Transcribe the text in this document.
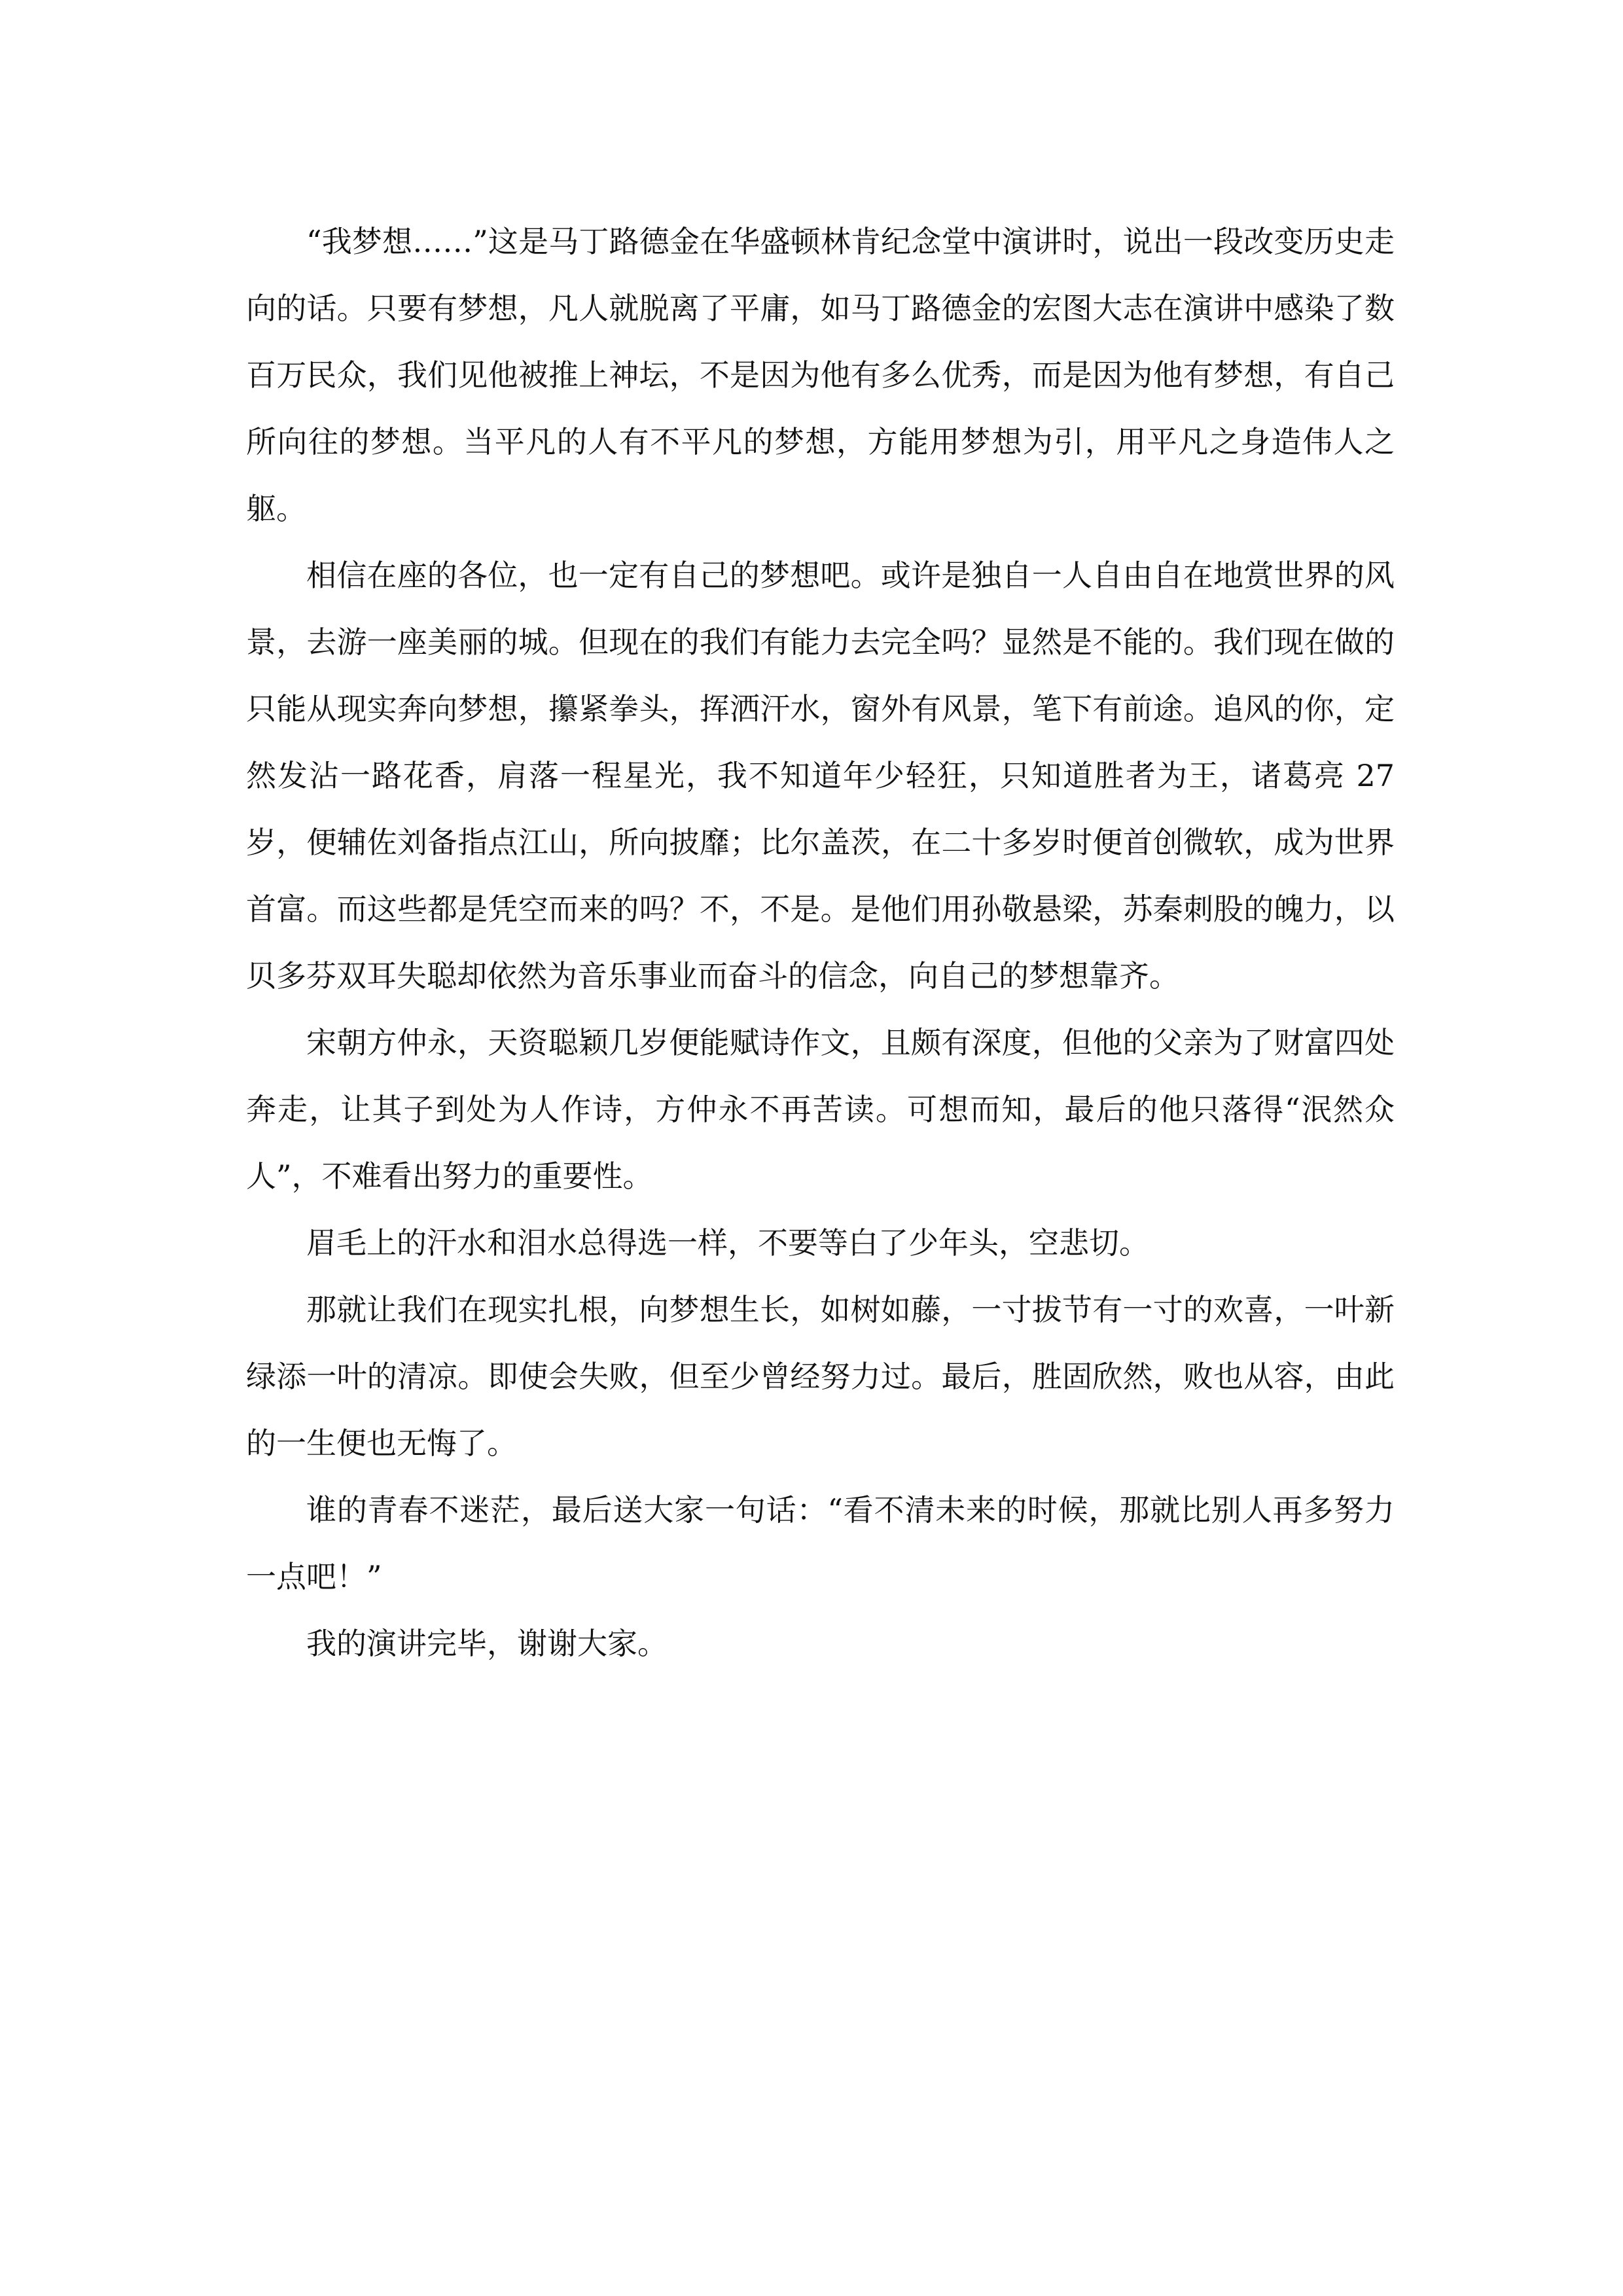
“我梦想……”这是马丁路德金在华盛顿林肯纪念堂中演讲时，说出一段改变历史走向的话。只要有梦想，凡人就脱离了平庸，如马丁路德金的宏图大志在演讲中感染了数百万民众，我们见他被推上神坛，不是因为他有多么优秀，而是因为他有梦想，有自己所向往的梦想。当平凡的人有不平凡的梦想，方能用梦想为引，用平凡之身造伟人之躯。

相信在座的各位，也一定有自己的梦想吧。或许是独自一人自由自在地赏世界的风景，去游一座美丽的城。但现在的我们有能力去完全吗？显然是不能的。我们现在做的只能从现实奔向梦想，攥紧拳头，挥洒汗水，窗外有风景，笔下有前途。追风的你，定然发沾一路花香，肩落一程星光，我不知道年少轻狂，只知道胜者为王，诸葛亮 27 岁，便辅佐刘备指点江山，所向披靡；比尔盖茨，在二十多岁时便首创微软，成为世界首富。而这些都是凭空而来的吗？不，不是。是他们用孙敬悬梁，苏秦刺股的魄力，以贝多芬双耳失聪却依然为音乐事业而奋斗的信念，向自己的梦想靠齐。

宋朝方仲永，天资聪颖几岁便能赋诗作文，且颇有深度，但他的父亲为了财富四处奔走，让其子到处为人作诗，方仲永不再苦读。可想而知，最后的他只落得“泯然众人”，不难看出努力的重要性。

眉毛上的汗水和泪水总得选一样，不要等白了少年头，空悲切。

那就让我们在现实扎根，向梦想生长，如树如藤，一寸拔节有一寸的欢喜，一叶新绿添一叶的清凉。即使会失败，但至少曾经努力过。最后，胜固欣然，败也从容，由此的一生便也无悔了。

谁的青春不迷茫，最后送大家一句话：“看不清未来的时候，那就比别人再多努力一点吧！”

我的演讲完毕，谢谢大家。
